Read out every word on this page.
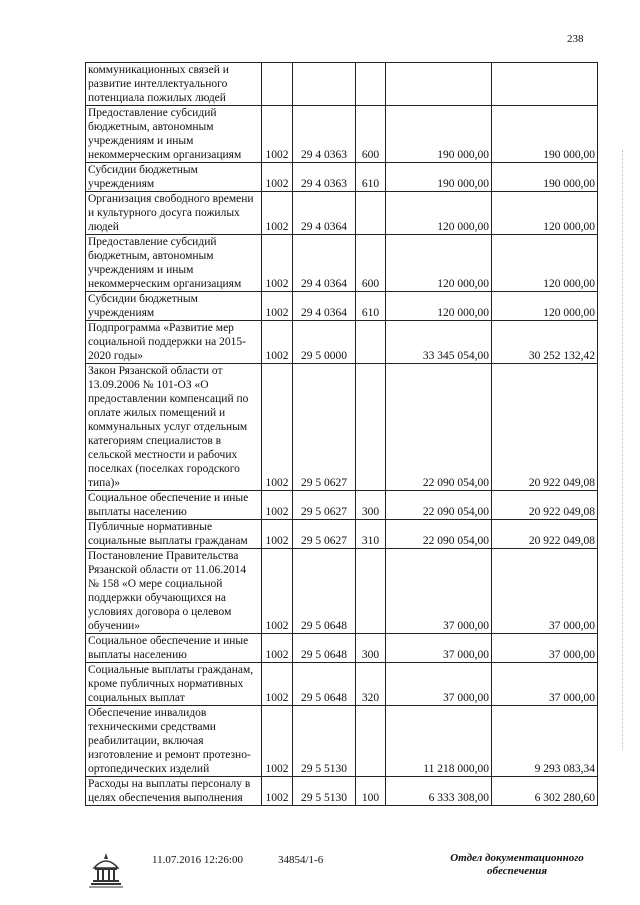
238
коммуникационных связей и развитие интеллектуального потенциала пожилых людей					
Предоставление субсидий бюджетным, автономным учреждениям и иным некоммерческим организациям	1002	29 4 0363	600	190 000,00	190 000,00
Субсидии бюджетным учреждениям	1002	29 4 0363	610	190 000,00	190 000,00
Организация свободного времени и культурного досуга пожилых людей	1002	29 4 0364		120 000,00	120 000,00
Предоставление субсидий бюджетным, автономным учреждениям и иным некоммерческим организациям	1002	29 4 0364	600	120 000,00	120 000,00
Субсидии бюджетным учреждениям	1002	29 4 0364	610	120 000,00	120 000,00
Подпрограмма «Развитие мер социальной поддержки на 2015-2020 годы»	1002	29 5 0000		33 345 054,00	30 252 132,42
Закон Рязанской области от 13.09.2006 № 101-ОЗ «О предоставлении компенсаций по оплате жилых помещений и коммунальных услуг отдельным категориям специалистов в сельской местности и рабочих поселках (поселках городского типа)»	1002	29 5 0627		22 090 054,00	20 922 049,08
Социальное обеспечение и иные выплаты населению	1002	29 5 0627	300	22 090 054,00	20 922 049,08
Публичные нормативные социальные выплаты гражданам	1002	29 5 0627	310	22 090 054,00	20 922 049,08
Постановление Правительства Рязанской области от 11.06.2014 № 158 «О мере социальной поддержки обучающихся на условиях договора о целевом обучении»	1002	29 5 0648		37 000,00	37 000,00
Социальное обеспечение и иные выплаты населению	1002	29 5 0648	300	37 000,00	37 000,00
Социальные выплаты гражданам, кроме публичных нормативных социальных выплат	1002	29 5 0648	320	37 000,00	37 000,00
Обеспечение инвалидов техническими средствами реабилитации, включая изготовление и ремонт протезно-ортопедических изделий	1002	29 5 5130		11 218 000,00	9 293 083,34
Расходы на выплаты персоналу в целях обеспечения выполнения	1002	29 5 5130	100	6 333 308,00	6 302 280,60
11.07.2016 12:26:00	34854/1-6	Отдел документационного
обеспечения
